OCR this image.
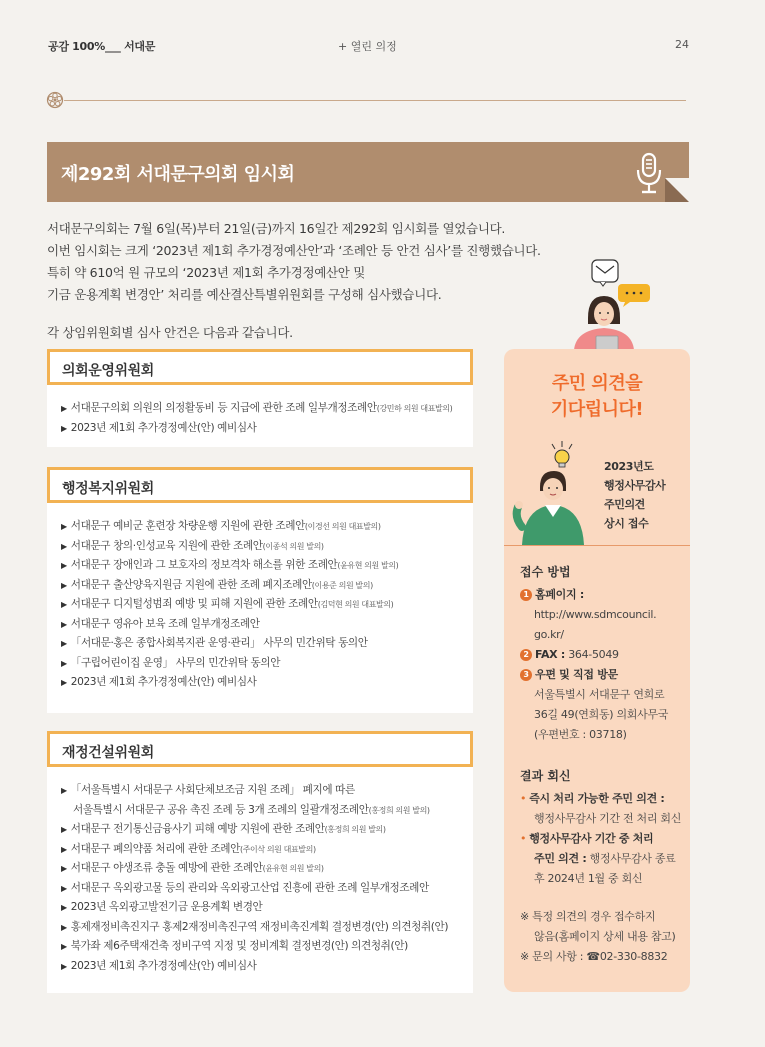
공감 100%___ 서대문	+ 열린 의정	24
제292회 서대문구의회 임시회

서대문구의회는 7월 6일(목)부터 21일(금)까지 16일간 제292회 임시회를 열었습니다.

이번 임시회는 크게 ‘2023년 제1회 추가경정예산안’과 ‘조례안 등 안건 심사’를 진행했습니다.

특히 약 610억 원 규모의 ‘2023년 제1회 추가경정예산안 및

기금 운용계획 변경안’ 처리를 예산결산특별위원회를 구성해 심사했습니다.

각 상임위원회별 심사 안건은 다음과 같습니다.
의회운영위원회
▶ 서대문구의회 의원의 의정활동비 등 지급에 관한 조례 일부개정조례안(강민하 의원 대표발의)
▶ 2023년 제1회 추가경정예산(안) 예비심사
행정복지위원회
▶ 서대문구 예비군 훈련장 차량운행 지원에 관한 조례안(이경선 의원 대표발의)
▶ 서대문구 창의·인성교육 지원에 관한 조례안(이종석 의원 발의)
▶ 서대문구 장애인과 그 보호자의 정보격차 해소를 위한 조례안(윤유현 의원 발의)
▶ 서대문구 출산양육지원금 지원에 관한 조례 폐지조례안(이용준 의원 발의)
▶ 서대문구 디지털성범죄 예방 및 피해 지원에 관한 조례안(김덕현 의원 대표발의)
▶ 서대문구 영유아 보육 조례 일부개정조례안
▶ 「서대문·홍은 종합사회복지관 운영·관리」 사무의 민간위탁 동의안
▶ 「구립어린이집 운영」 사무의 민간위탁 동의안
▶ 2023년 제1회 추가경정예산(안) 예비심사
재정건설위원회
▶ 「서울특별시 서대문구 사회단체보조금 지원 조례」 폐지에 따른
서울특별시 서대문구 공유 촉진 조례 등 3개 조례의 일괄개정조례안(홍정희 의원 발의)
▶ 서대문구 전기통신금융사기 피해 예방 지원에 관한 조례안(홍정희 의원 발의)
▶ 서대문구 폐의약품 처리에 관한 조례안(주이삭 의원 대표발의)
▶ 서대문구 야생조류 충돌 예방에 관한 조례안(윤유현 의원 발의)
▶ 서대문구 옥외광고물 등의 관리와 옥외광고산업 진흥에 관한 조례 일부개정조례안
▶ 2023년 옥외광고발전기금 운용계획 변경안
▶ 홍제재정비촉진지구 홍제2재정비촉진구역 재정비촉진계획 결정변경(안) 의견청취(안)
▶ 북가좌 제6주택재건축 정비구역 지정 및 정비계획 결정변경(안) 의견청취(안)
▶ 2023년 제1회 추가경정예산(안) 예비심사
주민 의견을
기다립니다!
2023년도
행정사무감사
주민의견
상시 접수
접수 방법
1 홈페이지 :
http://www.sdmcouncil.
go.kr/
2 FAX : 364-5049
3 우편 및 직접 방문
서울특별시 서대문구 연희로
36길 49(연희동) 의회사무국
(우편번호 : 03718)
결과 회신
• 즉시 처리 가능한 주민 의견 :
행정사무감사 기간 전 처리 회신
• 행정사무감사 기간 중 처리
주민 의견 : 행정사무감사 종료
후 2024년 1월 중 회신
※ 특정 의견의 경우 접수하지
않음(홈페이지 상세 내용 참고)
※ 문의 사항 : ☎02-330-8832
